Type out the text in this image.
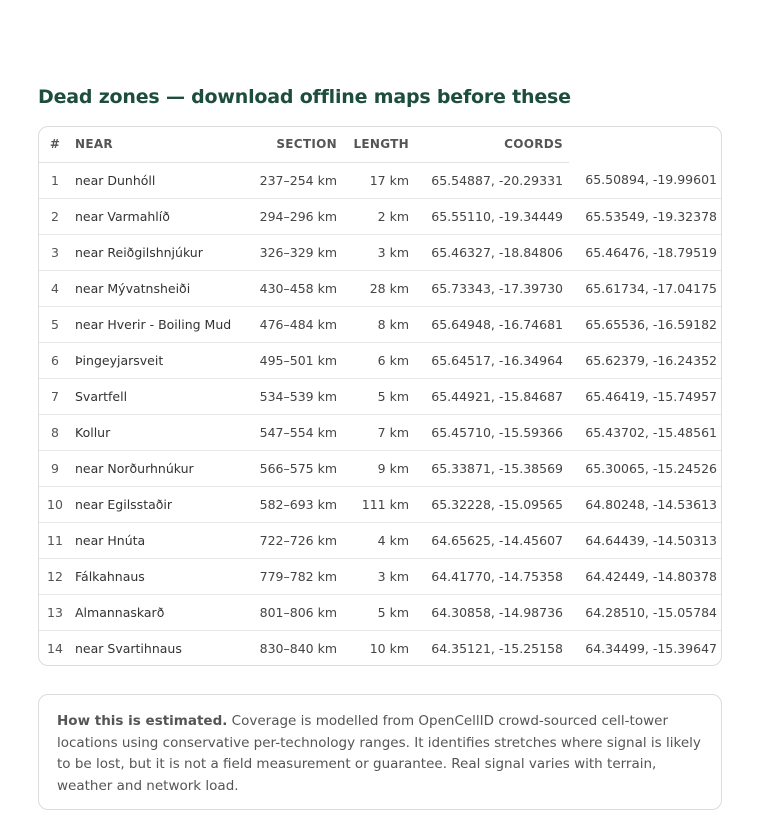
Dead zones — download offline maps before these
#	NEAR	SECTION	LENGTH	COORDS	
1	near Dunhóll	237–254 km	17 km	65.54887, -20.29331	65.50894, -19.99601
2	near Varmahlíð	294–296 km	2 km	65.55110, -19.34449	65.53549, -19.32378
3	near Reiðgilshnjúkur	326–329 km	3 km	65.46327, -18.84806	65.46476, -18.79519
4	near Mývatnsheiði	430–458 km	28 km	65.73343, -17.39730	65.61734, -17.04175
5	near Hverir - Boiling Mud	476–484 km	8 km	65.64948, -16.74681	65.65536, -16.59182
6	Þingeyjarsveit	495–501 km	6 km	65.64517, -16.34964	65.62379, -16.24352
7	Svartfell	534–539 km	5 km	65.44921, -15.84687	65.46419, -15.74957
8	Kollur	547–554 km	7 km	65.45710, -15.59366	65.43702, -15.48561
9	near Norðurhnúkur	566–575 km	9 km	65.33871, -15.38569	65.30065, -15.24526
10	near Egilsstaðir	582–693 km	111 km	65.32228, -15.09565	64.80248, -14.53613
11	near Hnúta	722–726 km	4 km	64.65625, -14.45607	64.64439, -14.50313
12	Fálkahnaus	779–782 km	3 km	64.41770, -14.75358	64.42449, -14.80378
13	Almannaskarð	801–806 km	5 km	64.30858, -14.98736	64.28510, -15.05784
14	near Svartihnaus	830–840 km	10 km	64.35121, -15.25158	64.34499, -15.39647
How this is estimated. Coverage is modelled from OpenCellID crowd-sourced cell-tower locations using conservative per-technology ranges. It identifies stretches where signal is likely to be lost, but it is not a field measurement or guarantee. Real signal varies with terrain, weather and network load.
